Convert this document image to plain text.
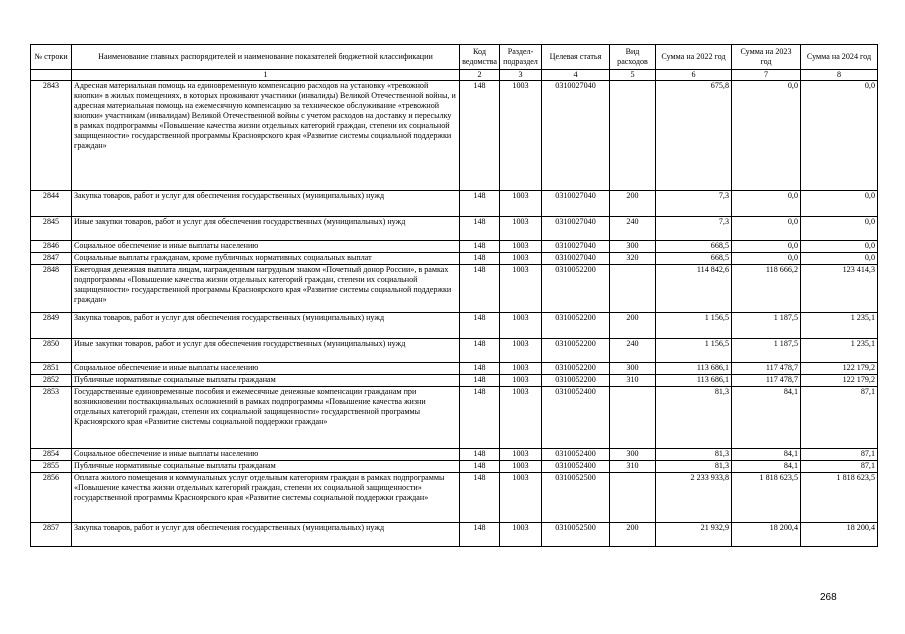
№ строки	Наименование главных распорядителей и наименование показателей бюджетной классификации	Код ведомства	Раздел-подраздел	Целевая статья	Вид расходов	Сумма на 2022 год	Сумма на 2023 год	Сумма на 2024 год
	1	2	3	4	5	6	7	8
2843	Адресная материальная помощь на единовременную компенсацию расходов на установку «тревожной кнопки» в жилых помещениях, в которых проживают участники (инвалиды) Великой Отечественной войны, и адресная материальная помощь на ежемесячную компенсацию за техническое обслуживание «тревожной кнопки» участникам (инвалидам) Великой Отечественной войны с учетом расходов на доставку и пересылку в рамках подпрограммы «Повышение качества жизни отдельных категорий граждан, степени их социальной защищенности» государственной программы Красноярского края «Развитие системы социальной поддержки граждан»	148	1003	0310027040		675,8	0,0	0,0
2844	Закупка товаров, работ и услуг для обеспечения государственных (муниципальных) нужд	148	1003	0310027040	200	7,3	0,0	0,0
2845	Иные закупки товаров, работ и услуг для обеспечения государственных (муниципальных) нужд	148	1003	0310027040	240	7,3	0,0	0,0
2846	Социальное обеспечение и иные выплаты населению	148	1003	0310027040	300	668,5	0,0	0,0
2847	Социальные выплаты гражданам, кроме публичных нормативных социальных выплат	148	1003	0310027040	320	668,5	0,0	0,0
2848	Ежегодная денежная выплата лицам, награжденным нагрудным знаком «Почетный донор России», в рамках подпрограммы «Повышение качества жизни отдельных категорий граждан, степени их социальной защищенности» государственной программы Красноярского края «Развитие системы социальной поддержки граждан»	148	1003	0310052200		114 842,6	118 666,2	123 414,3
2849	Закупка товаров, работ и услуг для обеспечения государственных (муниципальных) нужд	148	1003	0310052200	200	1 156,5	1 187,5	1 235,1
2850	Иные закупки товаров, работ и услуг для обеспечения государственных (муниципальных) нужд	148	1003	0310052200	240	1 156,5	1 187,5	1 235,1
2851	Социальное обеспечение и иные выплаты населению	148	1003	0310052200	300	113 686,1	117 478,7	122 179,2
2852	Публичные нормативные социальные выплаты гражданам	148	1003	0310052200	310	113 686,1	117 478,7	122 179,2
2853	Государственные единовременные пособия и ежемесячные денежные компенсации гражданам при возникновении поствакцинальных осложнений в рамках подпрограммы «Повышение качества жизни отдельных категорий граждан, степени их социальной защищенности» государственной программы Красноярского края «Развитие системы социальной поддержки граждан»	148	1003	0310052400		81,3	84,1	87,1
2854	Социальное обеспечение и иные выплаты населению	148	1003	0310052400	300	81,3	84,1	87,1
2855	Публичные нормативные социальные выплаты гражданам	148	1003	0310052400	310	81,3	84,1	87,1
2856	Оплата жилого помещения и коммунальных услуг отдельным категориям граждан в рамках подпрограммы «Повышение качества жизни отдельных категорий граждан, степени их социальной защищенности» государственной программы Красноярского края «Развитие системы социальной поддержки граждан»	148	1003	0310052500		2 233 933,8	1 818 623,5	1 818 623,5
2857	Закупка товаров, работ и услуг для обеспечения государственных (муниципальных) нужд	148	1003	0310052500	200	21 932,9	18 200,4	18 200,4
268
